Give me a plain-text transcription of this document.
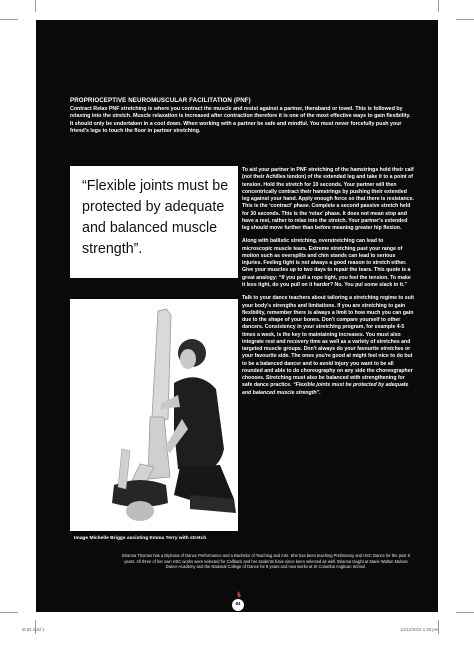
PROPRIOCEPTIVE NEUROMUSCULAR FACILITATION (PNF)
Contract Relax PNF stretching is where you contract the muscle and resist against a partner, theraband or towel. This is followed by relaxing into the stretch. Muscle relaxation is increased after contraction therefore it is one of the most effective ways to gain flexibility. It should only be undertaken in a cool down. When working with a partner be safe and mindful. You must never forcefully push your friend's legs to touch the floor in partner stretching.
“Flexible joints must be protected by adequate and balanced muscle strength”.
Image Michelle Briggs assisting Emma Terry with stretch

To aid your partner in PNF stretching of the hamstrings hold their calf (not their Achilles tendon) of the extended leg and take it to a point of tension. Hold the stretch for 10 seconds. Your partner will then concentrically contract their hamstrings by pushing their extended leg against your hand. Apply enough force so that there is resistance. This is the ‘contract’ phase. Complete a second passive stretch held for 30 seconds. This is the ‘relax’ phase. It does not mean stop and have a rest, rather to relax into the stretch. Your partner's extended leg should move further than before meaning greater hip flexion.

Along with ballistic stretching, overstretching can lead to microscopic muscle tears. Extreme stretching past your range of motion such as oversplits and chin stands can lead to serious injuries. Feeling tight is not always a good reason to stretch either. Give your muscles up to two days to repair the tears. This quote is a great analogy: “If you pull a rope tight, you feel the tension. To make it less tight, do you pull on it harder? No. You pul some slack in it.”

Talk to your dance teachers about tailoring a stretching regime to suit your body's strengths and limitations. If you are stretching to gain flexibility, remember there is always a limit to how much you can gain due to the shape of your bones. Don't compare yourself to other dancers. Consistency in your stretching program, for example 4-5 times a week, is the key to maintaining increases. You must also integrate rest and recovery time as well as a variety of stretches and targeted muscle groups. Don't always do your favourite stretches or your favourite side. The ones you're good at might feel nice to do but to be a balanced dancer and to avoid injury you want to be all rounded and able to do choreography on any side the choreographer chooses. Stretching must also be balanced with strengthening for safe dance practice. “Flexible joints must be protected by adequate and balanced muscle strength”.

Brianna Thomas has a Diploma of Dance Performance and a Bachelor of Teaching and Arts. She has been teaching Preliminary and HSC Dance for the past 8 years. All three of her own HSC works were selected for Callback and her students have since been selected as well. Brianna taught at Marie Walton Mulvan Dance Academy and the National College of Dance for 8 years and now works at St Columba Anglican School.
84
dt 84.indd 1	13/12/2015 1:48 pm
